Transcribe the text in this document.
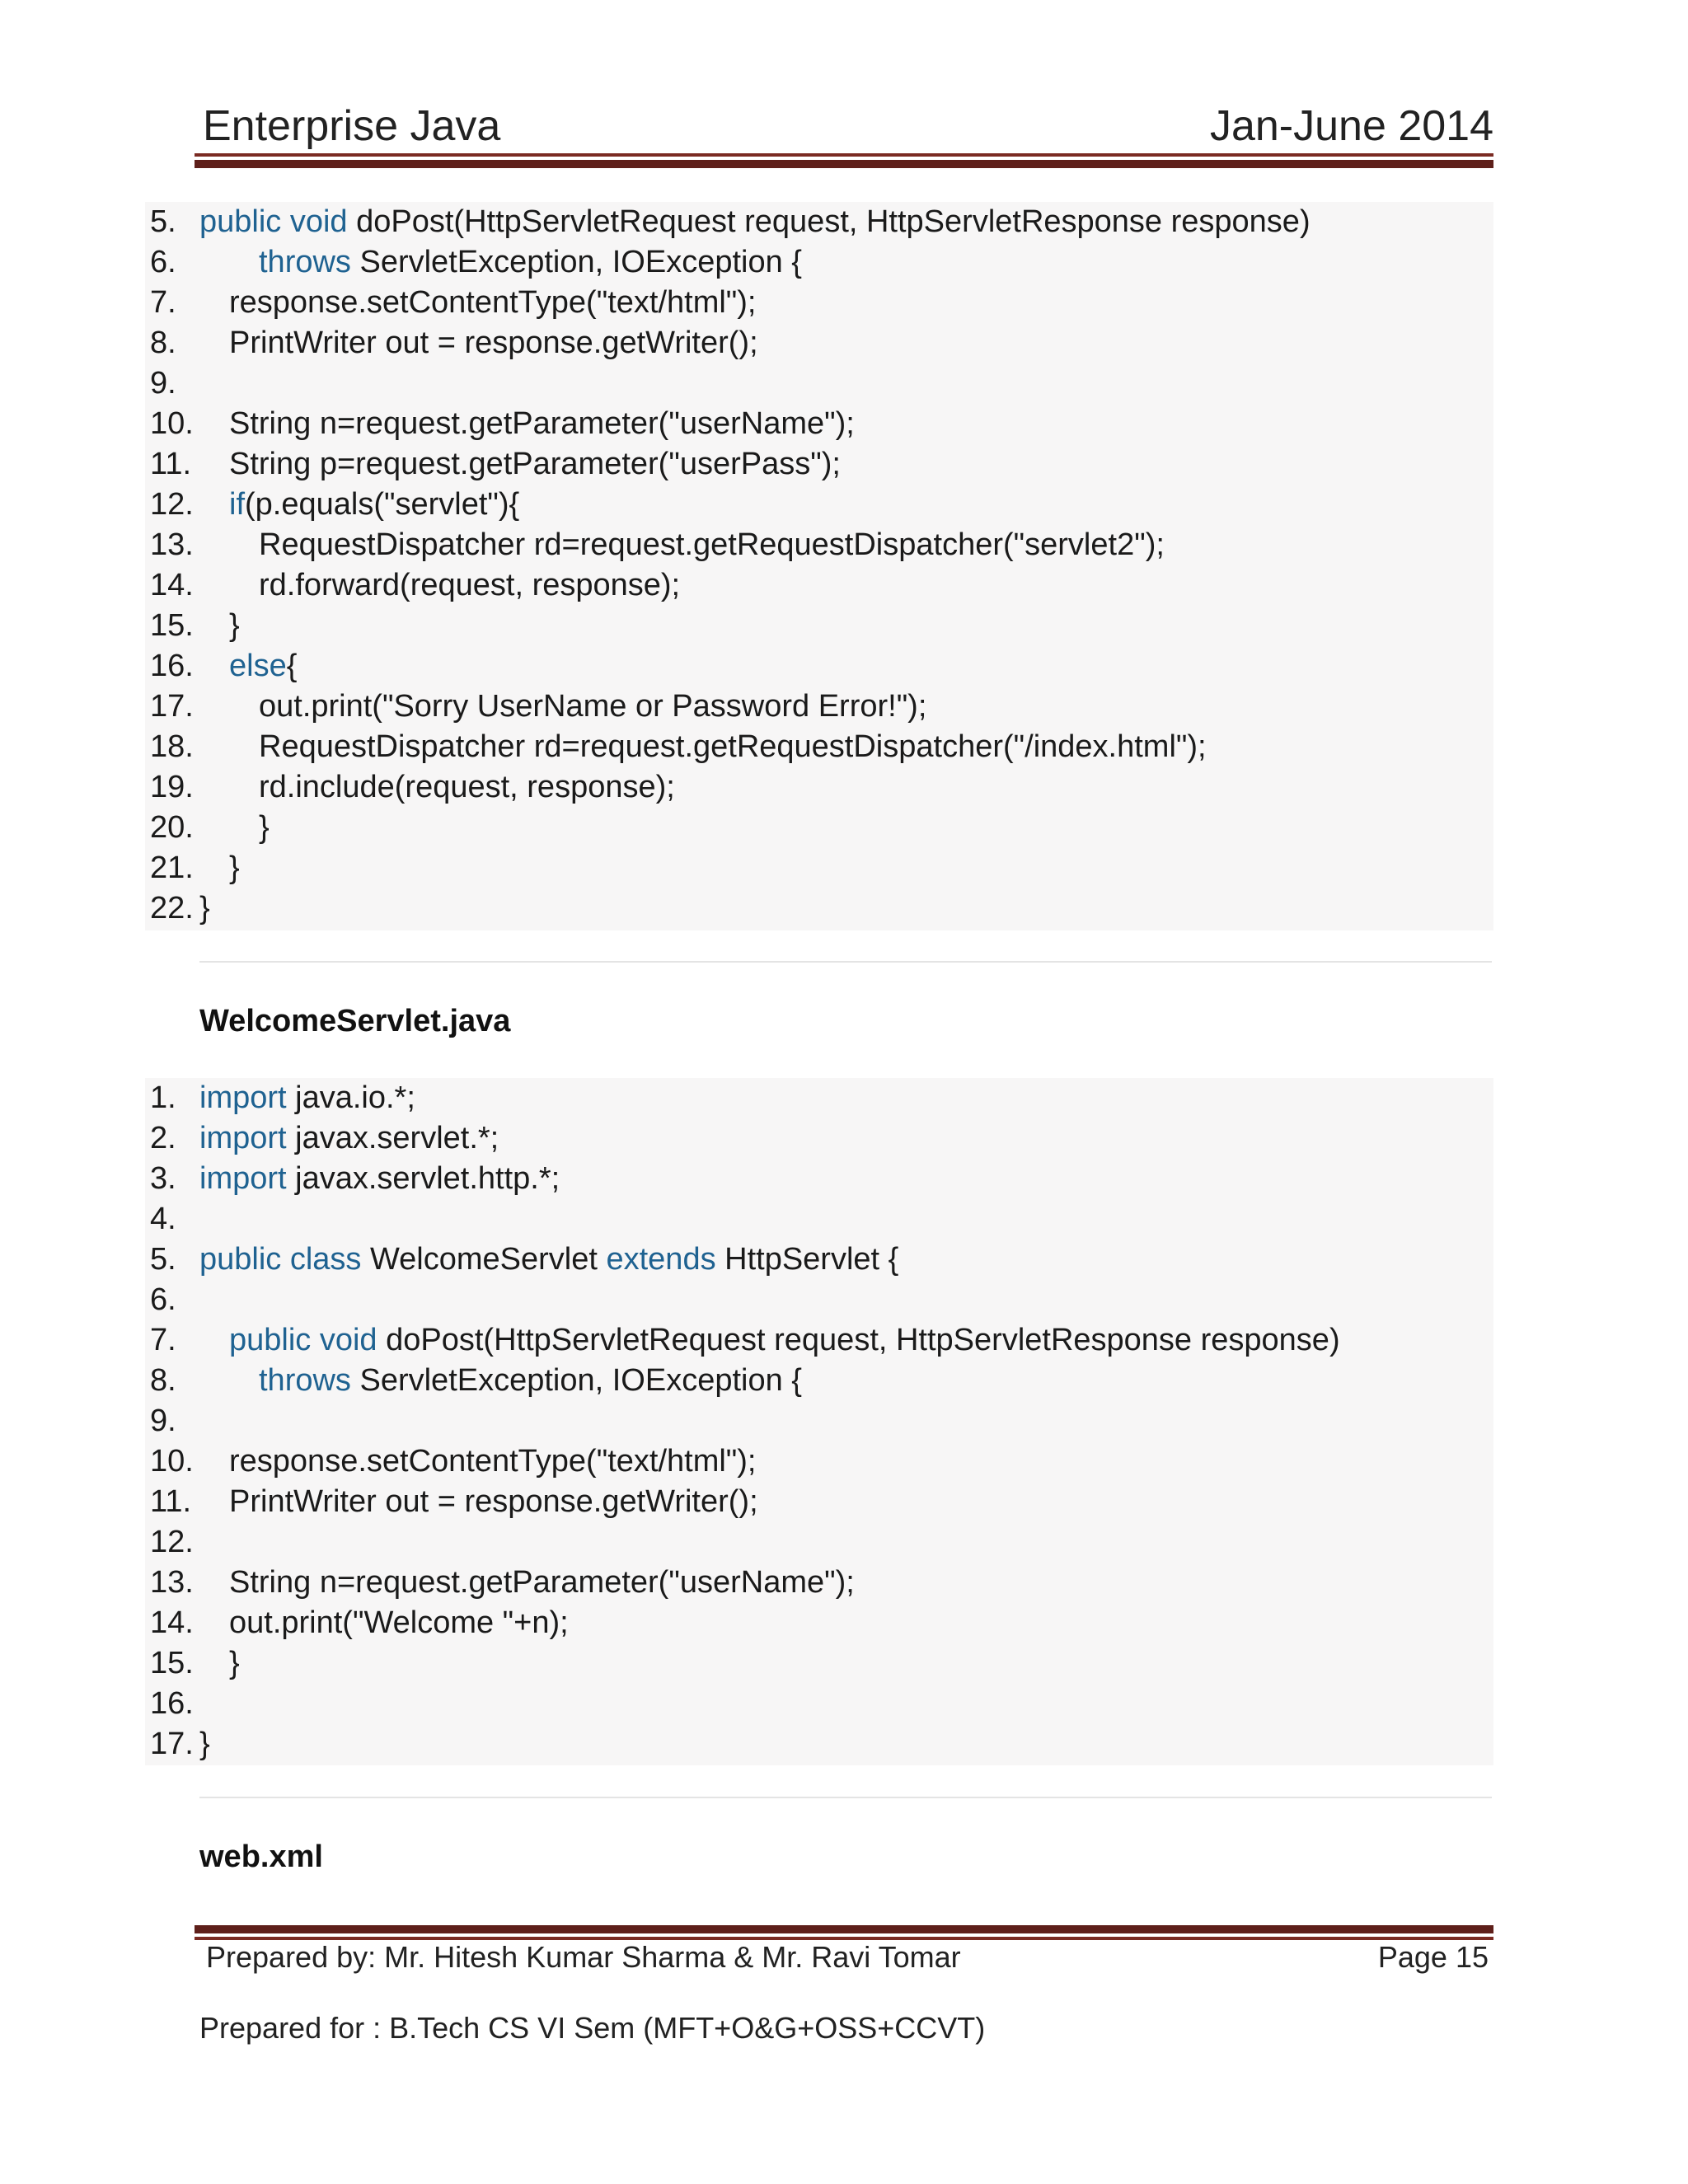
Enterprise Java	Jan-June 2014
5. public void doPost(HttpServletRequest request, HttpServletResponse response)
6.	throws ServletException, IOException {
7.	response.setContentType("text/html");
8.	PrintWriter out = response.getWriter();
9.
10.	String n=request.getParameter("userName");
11.	String p=request.getParameter("userPass");
12.	if(p.equals("servlet"){
13.	RequestDispatcher rd=request.getRequestDispatcher("servlet2");
14.	rd.forward(request, response);
15.	}
16.	else{
17.	out.print("Sorry UserName or Password Error!");
18.	RequestDispatcher rd=request.getRequestDispatcher("/index.html");
19.	rd.include(request, response);
20.	}
21.	}
22. }
WelcomeServlet.java
1. import java.io.*;
2. import javax.servlet.*;
3. import javax.servlet.http.*;
4.
5. public class WelcomeServlet extends HttpServlet {
6.
7.	public void doPost(HttpServletRequest request, HttpServletResponse response)
8.	throws ServletException, IOException {
9.
10.	response.setContentType("text/html");
11.	PrintWriter out = response.getWriter();
12.
13.	String n=request.getParameter("userName");
14.	out.print("Welcome "+n);
15.	}
16.
17. }
web.xml
Prepared by: Mr. Hitesh Kumar Sharma & Mr. Ravi Tomar	Page 15
Prepared for : B.Tech CS VI Sem (MFT+O&G+OSS+CCVT)
